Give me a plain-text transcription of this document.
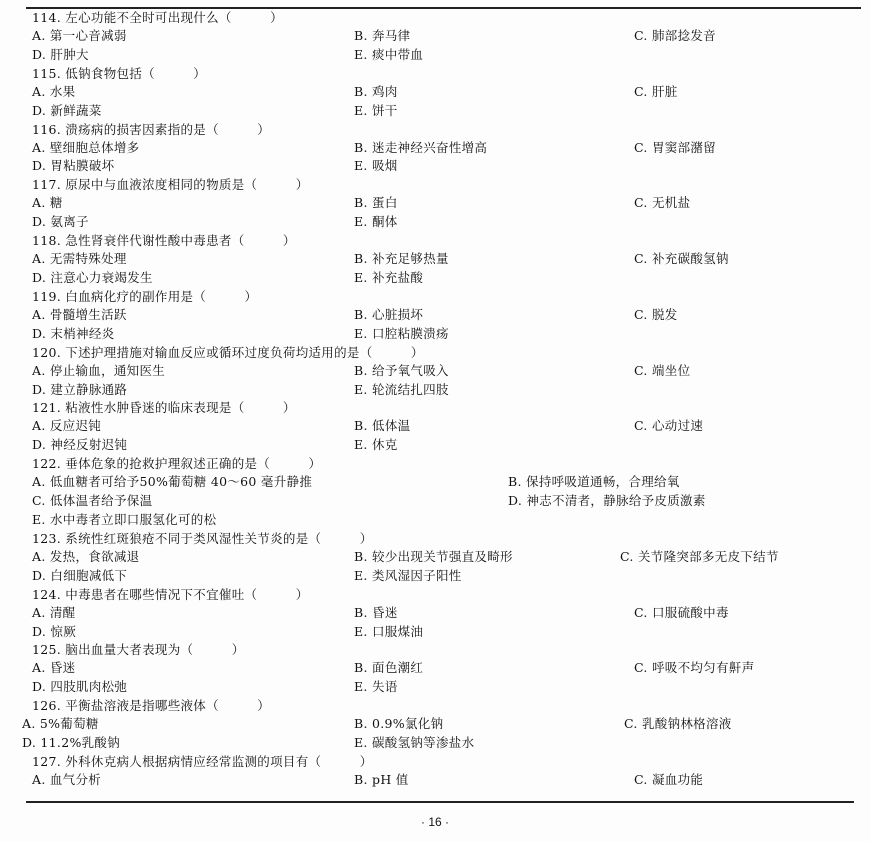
114. 左心功能不全时可出现什么（　　　）
A. 第一心音减弱	B. 奔马律	C. 肺部捻发音
D. 肝肿大	E. 痰中带血
115. 低钠食物包括（　　　）
A. 水果	B. 鸡肉	C. 肝脏
D. 新鲜蔬菜	E. 饼干
116. 溃疡病的损害因素指的是（　　　）
A. 壁细胞总体增多	B. 迷走神经兴奋性增高	C. 胃窦部潴留
D. 胃粘膜破坏	E. 吸烟
117. 原尿中与血液浓度相同的物质是（　　　）
A. 糖	B. 蛋白	C. 无机盐
D. 氨离子	E. 酮体
118. 急性肾衰伴代谢性酸中毒患者（　　　）
A. 无需特殊处理	B. 补充足够热量	C. 补充碳酸氢钠
D. 注意心力衰竭发生	E. 补充盐酸
119. 白血病化疗的副作用是（　　　）
A. 骨髓增生活跃	B. 心脏损坏	C. 脱发
D. 末梢神经炎	E. 口腔粘膜溃疡
120. 下述护理措施对输血反应或循环过度负荷均适用的是（　　　）
A. 停止输血，通知医生	B. 给予氧气吸入	C. 端坐位
D. 建立静脉通路	E. 轮流结扎四肢
121. 粘液性水肿昏迷的临床表现是（　　　）
A. 反应迟钝	B. 低体温	C. 心动过速
D. 神经反射迟钝	E. 休克
122. 垂体危象的抢救护理叙述正确的是（　　　）
A. 低血糖者可给予50%葡萄糖 40～60 毫升静推	B. 保持呼吸道通畅，合理给氧
C. 低体温者给予保温	D. 神志不清者，静脉给予皮质激素
E. 水中毒者立即口服氢化可的松
123. 系统性红斑狼疮不同于类风湿性关节炎的是（　　　）
A. 发热，食欲减退	B. 较少出现关节强直及畸形	C. 关节隆突部多无皮下结节
D. 白细胞减低下	E. 类风湿因子阳性
124. 中毒患者在哪些情况下不宜催吐（　　　）
A. 清醒	B. 昏迷	C. 口服硫酸中毒
D. 惊厥	E. 口服煤油
125. 脑出血量大者表现为（　　　）
A. 昏迷	B. 面色潮红	C. 呼吸不均匀有鼾声
D. 四肢肌肉松弛	E. 失语
126. 平衡盐溶液是指哪些液体（　　　）
A. 5%葡萄糖	B. 0.9%氯化钠	C. 乳酸钠林格溶液
D. 11.2%乳酸钠	E. 碳酸氢钠等渗盐水
127. 外科休克病人根据病情应经常监测的项目有（　　　）
A. 血气分析	B. pH 值	C. 凝血功能
· 16 ·
